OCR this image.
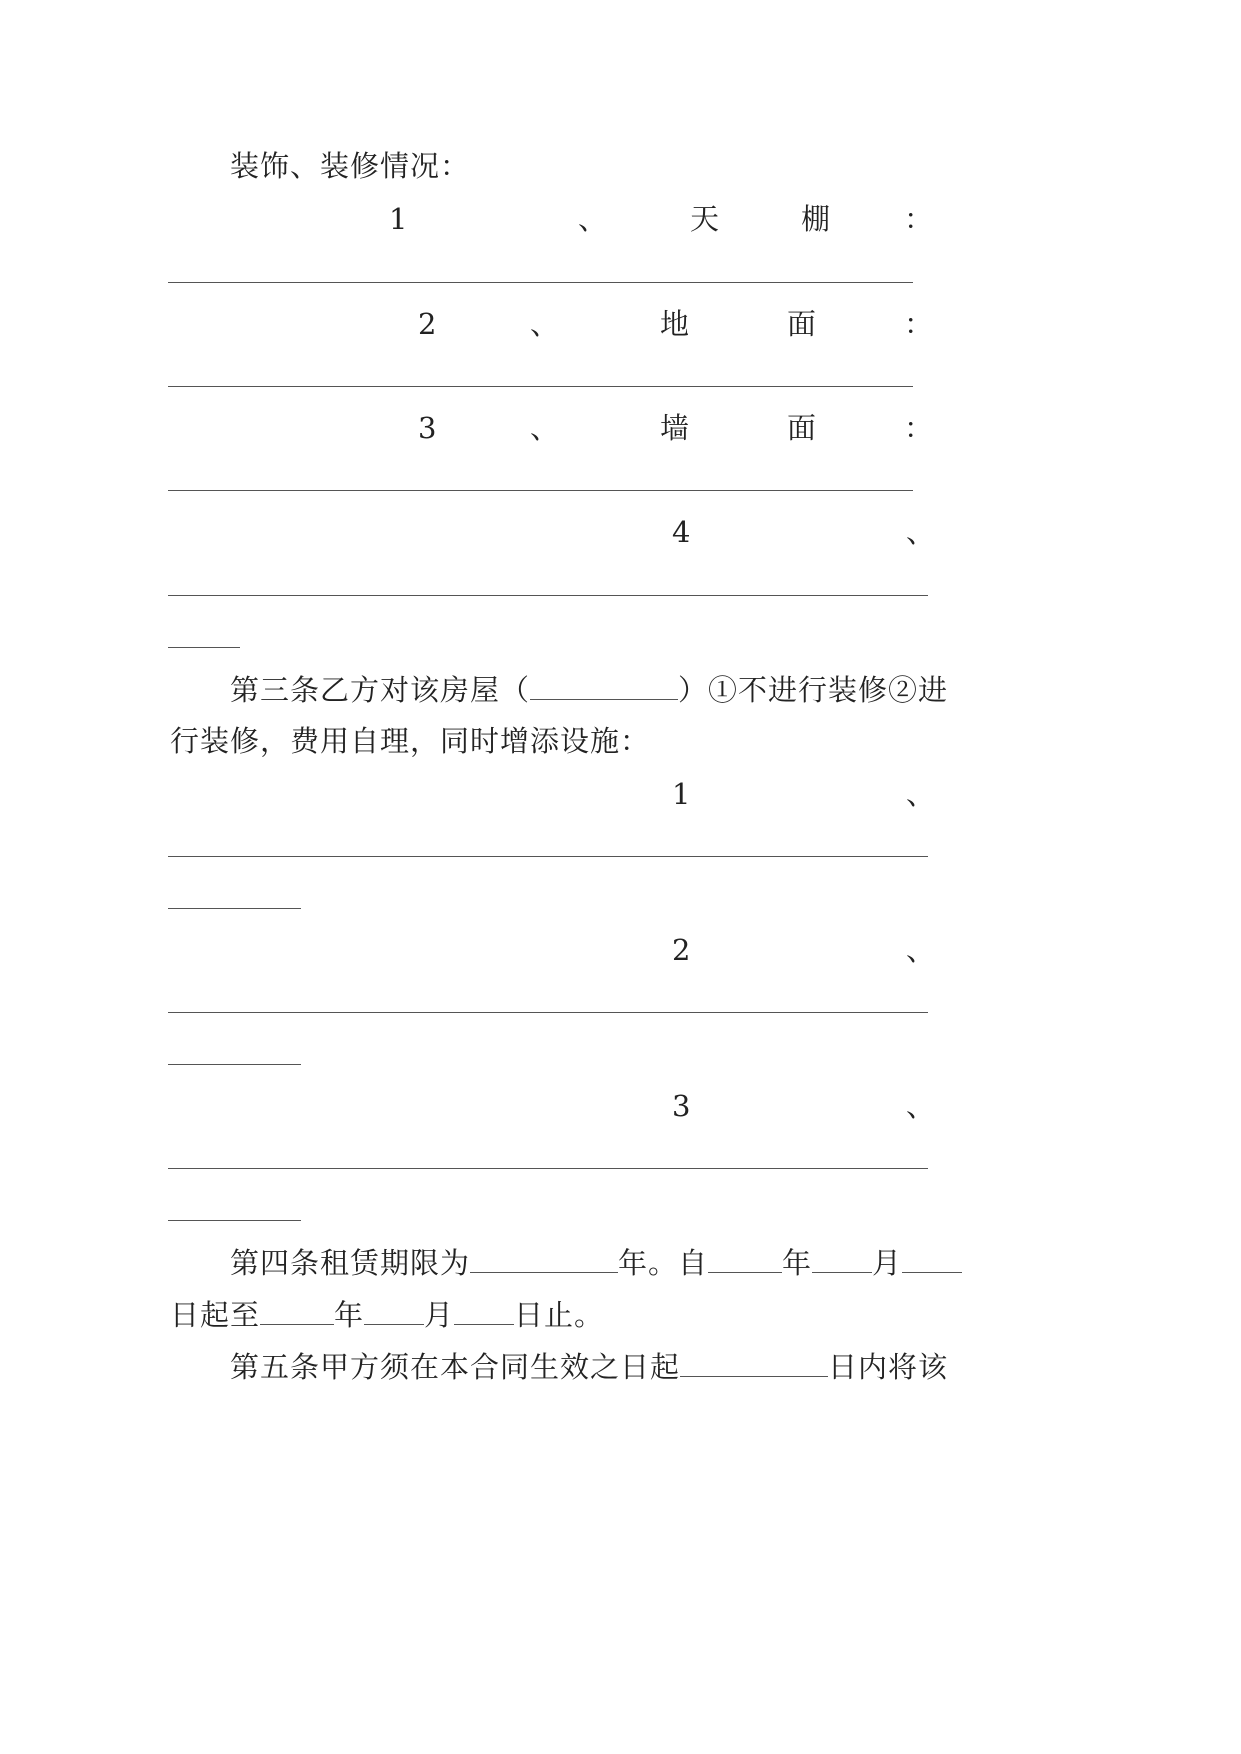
装饰、装修情况：
1	、	天	棚	：
2	、	地	面	：
3	、	墙	面	：
4	、
第三条乙方对该房屋（	）①不进行装修②进
行装修，费用自理，同时增添设施：
1	、
2	、
3	、
第四条租赁期限为	年。自	年 月
日起至	年 月 日止。
第五条甲方须在本合同生效之日起	日内将该
